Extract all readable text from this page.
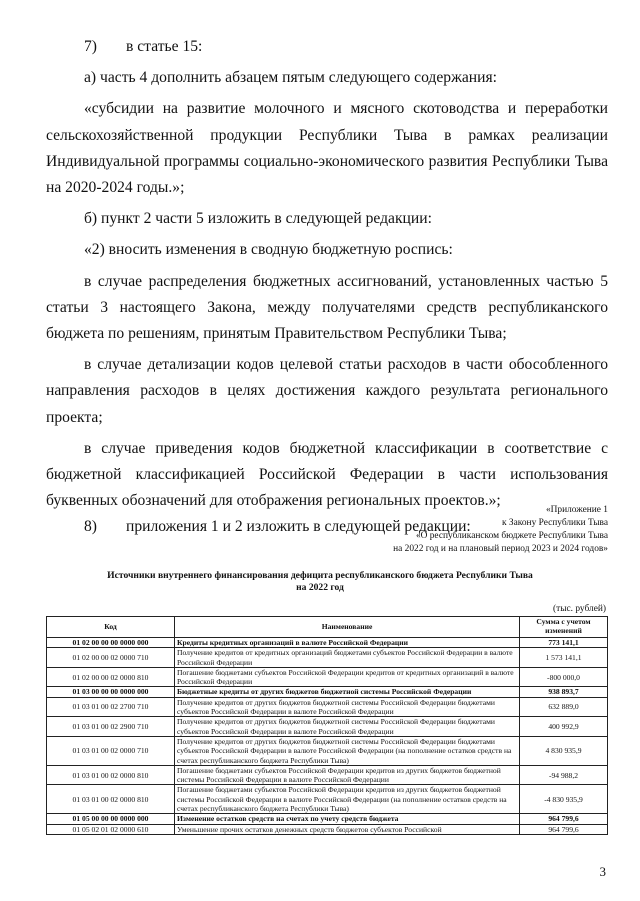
7) в статье 15:

а) часть 4 дополнить абзацем пятым следующего содержания:

«субсидии на развитие молочного и мясного скотоводства и переработки сельскохозяйственной продукции Республики Тыва в рамках реализации Индивидуальной программы социально-экономического развития Республики Тыва на 2020-2024 годы.»;

б) пункт 2 части 5 изложить в следующей редакции:

«2) вносить изменения в сводную бюджетную роспись:

в случае распределения бюджетных ассигнований, установленных частью 5 статьи 3 настоящего Закона, между получателями средств республиканского бюджета по решениям, принятым Правительством Республики Тыва;

в случае детализации кодов целевой статьи расходов в части обособленного направления расходов в целях достижения каждого результата регионального проекта;

в случае приведения кодов бюджетной классификации в соответствие с бюджетной классификацией Российской Федерации в части использования буквенных обозначений для отображения региональных проектов.»;

8) приложения 1 и 2 изложить в следующей редакции:

«Приложение 1
к Закону Республики Тыва
«О республиканском бюджете Республики Тыва
на 2022 год и на плановый период 2023 и 2024 годов»
Источники внутреннего финансирования дефицита республиканского бюджета Республики Тыва
на 2022 год
(тыс. рублей)
Код	Наименование	Сумма с учетом изменений
01 02 00 00 00 0000 000	Кредиты кредитных организаций в валюте Российской Федерации	773 141,1
01 02 00 00 02 0000 710	Получение кредитов от кредитных организаций бюджетами субъектов Российской Федерации в валюте Российской Федерации	1 573 141,1
01 02 00 00 02 0000 810	Погашение бюджетами субъектов Российской Федерации кредитов от кредитных организаций в валюте Российской Федерации	-800 000,0
01 03 00 00 00 0000 000	Бюджетные кредиты от других бюджетов бюджетной системы Российской Федерации	938 893,7
01 03 01 00 02 2700 710	Получение кредитов от других бюджетов бюджетной системы Российской Федерации бюджетами субъектов Российской Федерации в валюте Российской Федерации	632 889,0
01 03 01 00 02 2900 710	Получение кредитов от других бюджетов бюджетной системы Российской Федерации бюджетами субъектов Российской Федерации в валюте Российской Федерации	400 992,9
01 03 01 00 02 0000 710	Получение кредитов от других бюджетов бюджетной системы Российской Федерации бюджетами субъектов Российской Федерации в валюте Российской Федерации (на пополнение остатков средств на счетах республиканского бюджета Республики Тыва)	4 830 935,9
01 03 01 00 02 0000 810	Погашение бюджетами субъектов Российской Федерации кредитов из других бюджетов бюджетной системы Российской Федерации в валюте Российской Федерации	-94 988,2
01 03 01 00 02 0000 810	Погашение бюджетами субъектов Российской Федерации кредитов из других бюджетов бюджетной системы Российской Федерации в валюте Российской Федерации (на пополнение остатков средств на счетах республиканского бюджета Республики Тыва)	-4 830 935,9
01 05 00 00 00 0000 000	Изменение остатков средств на счетах по учету средств бюджета	964 799,6
01 05 02 01 02 0000 610	Уменьшение прочих остатков денежных средств бюджетов субъектов Российской	964 799,6
3
